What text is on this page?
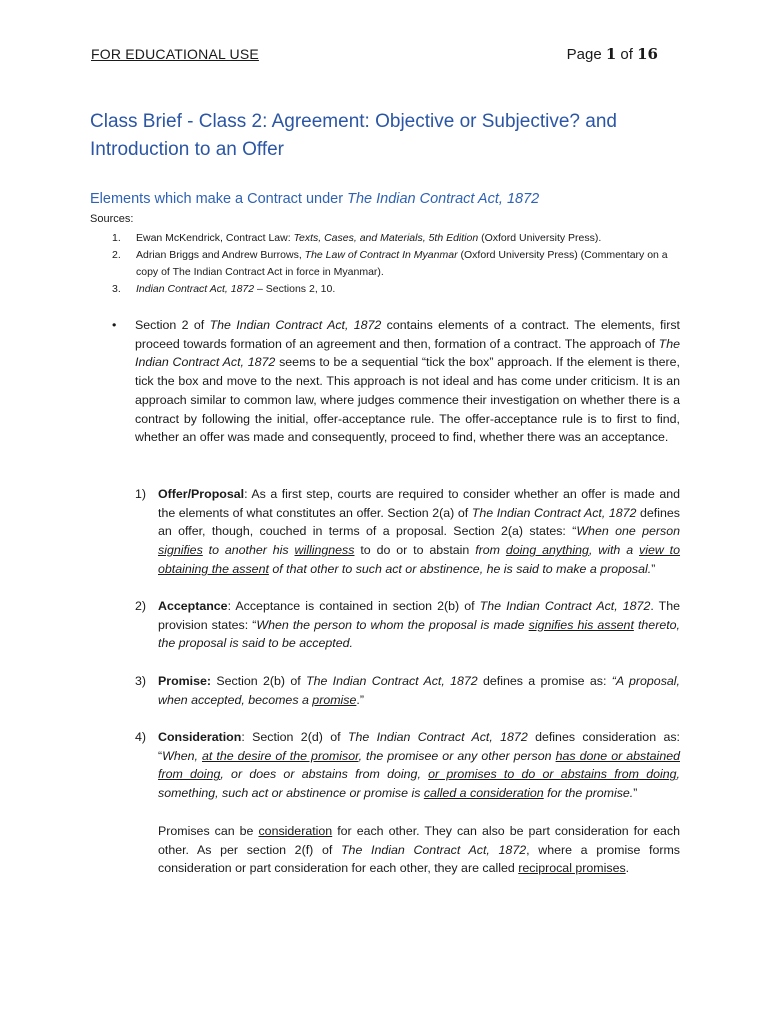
FOR EDUCATIONAL USE	Page 1 of 16
Class Brief - Class 2: Agreement: Objective or Subjective? and Introduction to an Offer
Elements which make a Contract under The Indian Contract Act, 1872
Sources:
1.	Ewan McKendrick, Contract Law: Texts, Cases, and Materials, 5th Edition (Oxford University Press).
2.	Adrian Briggs and Andrew Burrows, The Law of Contract In Myanmar (Oxford University Press) (Commentary on a copy of The Indian Contract Act in force in Myanmar).
3.	Indian Contract Act, 1872 – Sections 2, 10.
• Section 2 of The Indian Contract Act, 1872 contains elements of a contract. The elements, first proceed towards formation of an agreement and then, formation of a contract. The approach of The Indian Contract Act, 1872 seems to be a sequential “tick the box” approach. If the element is there, tick the box and move to the next. This approach is not ideal and has come under criticism. It is an approach similar to common law, where judges commence their investigation on whether there is a contract by following the initial, offer-acceptance rule. The offer-acceptance rule is to first to find, whether an offer was made and consequently, proceed to find, whether there was an acceptance.
1) Offer/Proposal: As a first step, courts are required to consider whether an offer is made and the elements of what constitutes an offer. Section 2(a) of The Indian Contract Act, 1872 defines an offer, though, couched in terms of a proposal. Section 2(a) states: “When one person signifies to another his willingness to do or to abstain from doing anything, with a view to obtaining the assent of that other to such act or abstinence, he is said to make a proposal.”
2) Acceptance: Acceptance is contained in section 2(b) of The Indian Contract Act, 1872. The provision states: “When the person to whom the proposal is made signifies his assent thereto, the proposal is said to be accepted.
3) Promise: Section 2(b) of The Indian Contract Act, 1872 defines a promise as: “A proposal, when accepted, becomes a promise.”
4) Consideration: Section 2(d) of The Indian Contract Act, 1872 defines consideration as: “When, at the desire of the promisor, the promisee or any other person has done or abstained from doing, or does or abstains from doing, or promises to do or abstains from doing, something, such act or abstinence or promise is called a consideration for the promise.”
Promises can be consideration for each other. They can also be part consideration for each other. As per section 2(f) of The Indian Contract Act, 1872, where a promise forms consideration or part consideration for each other, they are called reciprocal promises.
